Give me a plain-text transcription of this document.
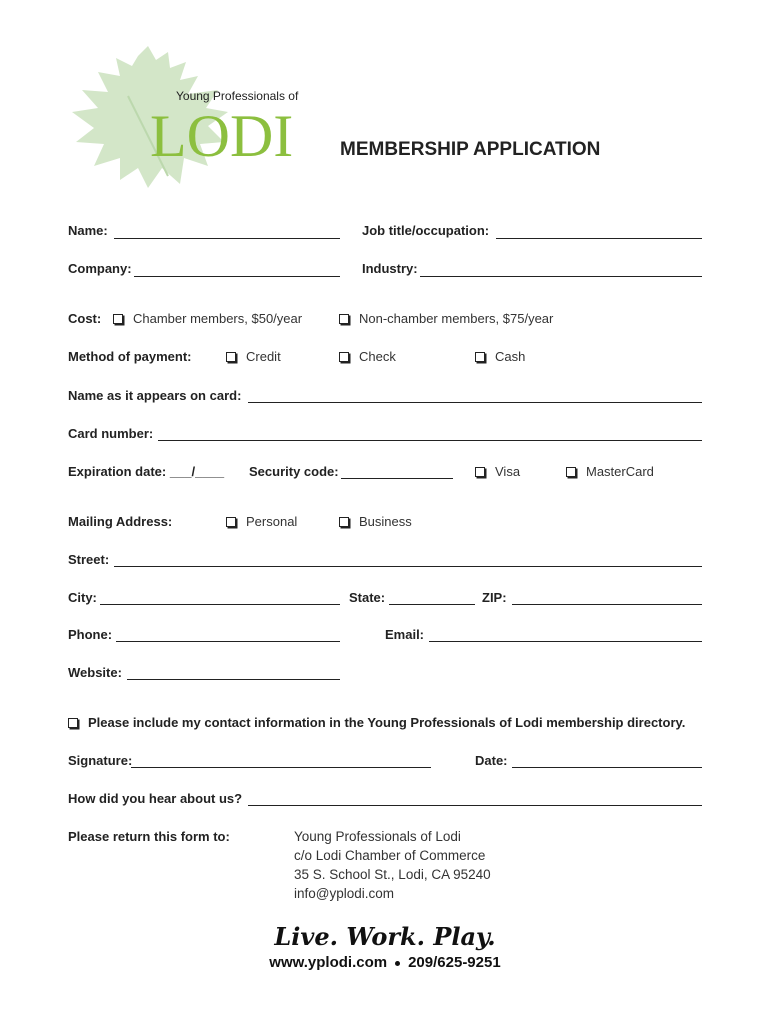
Young Professionals of
LODI MEMBERSHIP APPLICATION
Name:	Job title/occupation:
Company:	Industry:
Cost: Chamber members, $50/year	Non-chamber members, $75/year
Method of payment:	Credit	Check	Cash
Name as it appears on card:
Card number:
Expiration date: ___/____ Security code:	Visa	MasterCard
Mailing Address:	Personal	Business
Street:
City:	State:	ZIP:
Phone:	Email:
Website:
Please include my contact information in the Young Professionals of Lodi membership directory.
Signature:	Date:
How did you hear about us?
Please return this form to:	Young Professionals of Lodi
c/o Lodi Chamber of Commerce
35 S. School St., Lodi, CA 95240
info@yplodi.com
Live. Work. Play.
www.yplodi.com 209/625-9251
